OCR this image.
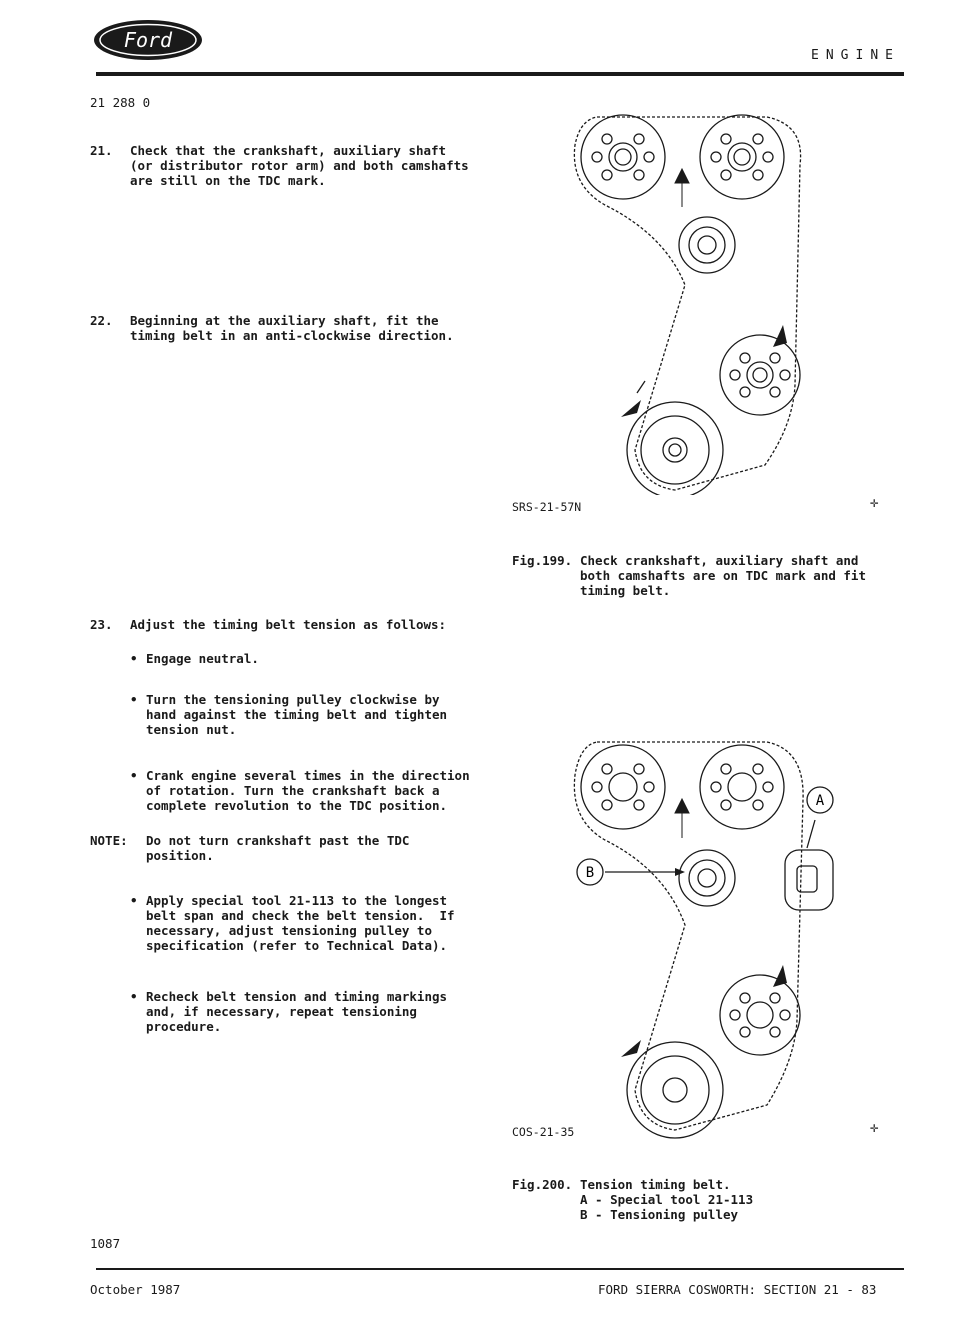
Ford
ENGINE
21 288 0
21. Check that the crankshaft, auxiliary shaft
(or distributor rotor arm) and both camshafts
are still on the TDC mark.
22. Beginning at the auxiliary shaft, fit the
timing belt in an anti-clockwise direction.
23. Adjust the timing belt tension as follows:
• Engage neutral.
• Turn the tensioning pulley clockwise by
hand against the timing belt and tighten
tension nut.
• Crank engine several times in the direction
of rotation. Turn the crankshaft back a
complete revolution to the TDC position.
NOTE: Do not turn crankshaft past the TDC
position.
• Apply special tool 21-113 to the longest
belt span and check the belt tension.  If
necessary, adjust tensioning pulley to
specification (refer to Technical Data).
• Recheck belt tension and timing markings
and, if necessary, repeat tensioning
procedure.
✛
SRS-21-57N
Fig.199. Check crankshaft, auxiliary shaft and
both camshafts are on TDC mark and fit
timing belt.
B
A
✛
COS-21-35
Fig.200. Tension timing belt.
A - Special tool 21-113
B - Tensioning pulley
1087
October 1987	FORD SIERRA COSWORTH: SECTION 21 - 83
